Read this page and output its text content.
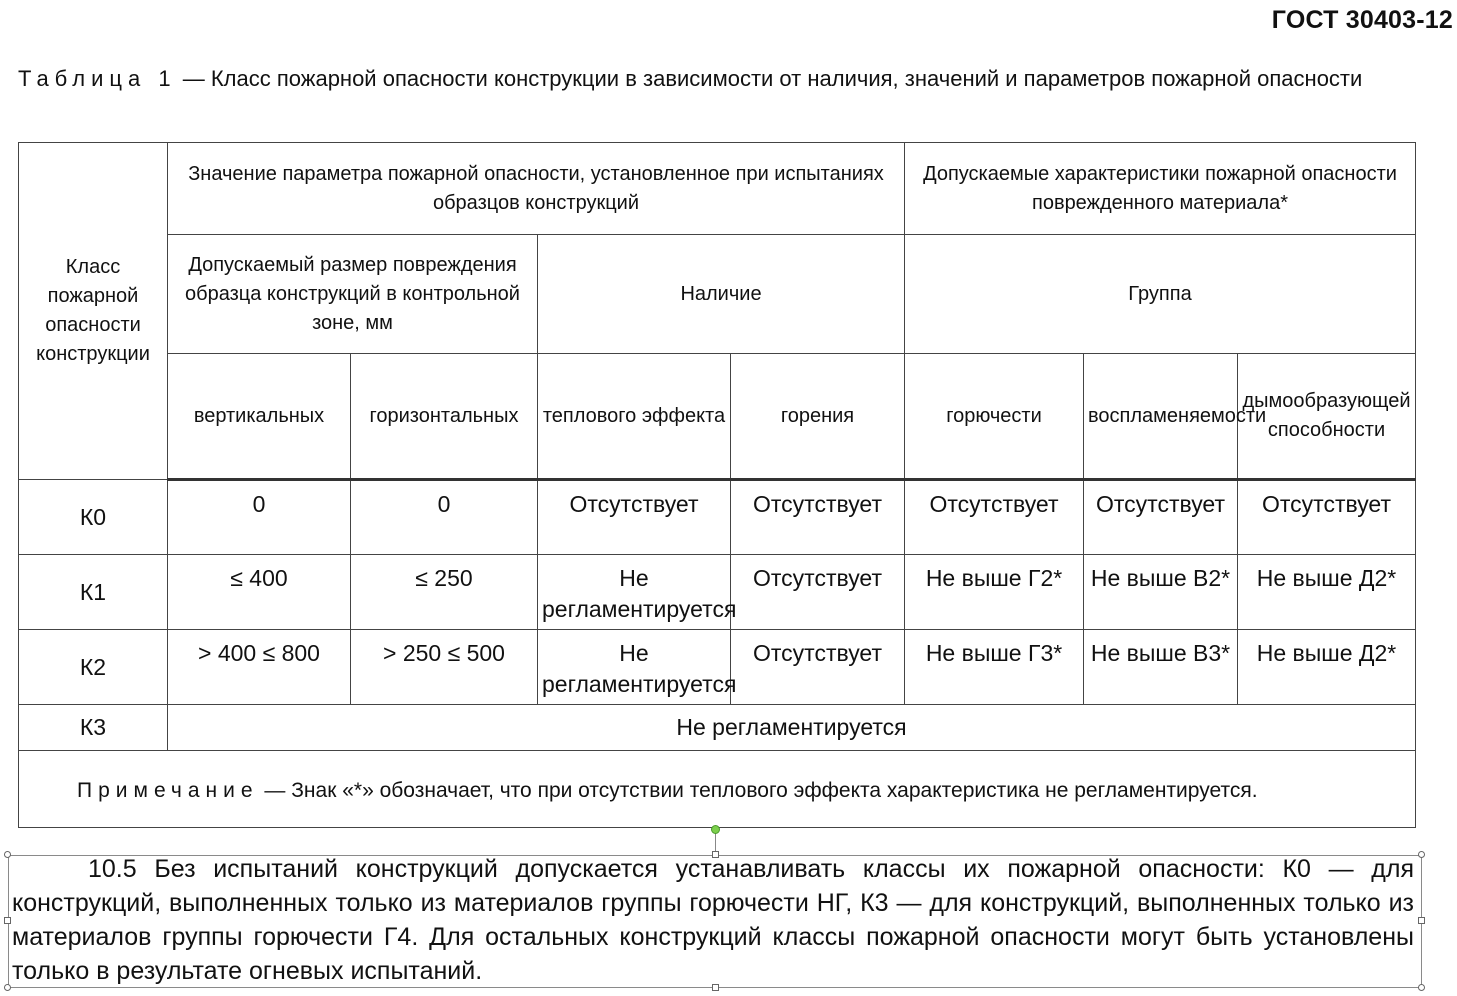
ГОСТ 30403-12
Таблица 1 — Класс пожарной опасности конструкции в зависимости от наличия, значений и параметров пожарной опасности
Класс пожарной опасности конструкции	Значение параметра пожарной опасности, установленное при испытаниях образцов конструкций				Допускаемые характеристики пожарной опасности поврежденного материала*		
	Допускаемый размер повреждения образца конструкций в контрольной зоне, мм		Наличие		Группа		
	вертикальных	горизонтальных	теплового эффекта	горения	горючести	воспламеняемости	дымообразующей способности
К0	0	0	Отсутствует	Отсутствует	Отсутствует	Отсутствует	Отсутствует
К1	≤ 400	≤ 250	Не регламентируется	Отсутствует	Не выше Г2*	Не выше В2*	Не выше Д2*
К2	> 400 ≤ 800	> 250 ≤ 500	Не регламентируется	Отсутствует	Не выше Г3*	Не выше В3*	Не выше Д2*
К3	Не регламентируется						
Примечание — Знак «*» обозначает, что при отсутствии теплового эффекта характеристика не регламентируется.							
10.5 Без испытаний конструкций допускается устанавливать классы их пожарной опасности: К0 — для конструкций, выполненных только из материалов группы горючести НГ, К3 — для конструкций, выполненных только из материалов группы горючести Г4. Для остальных конструкций классы пожарной опасности могут быть установлены только в результате огневых испытаний.
